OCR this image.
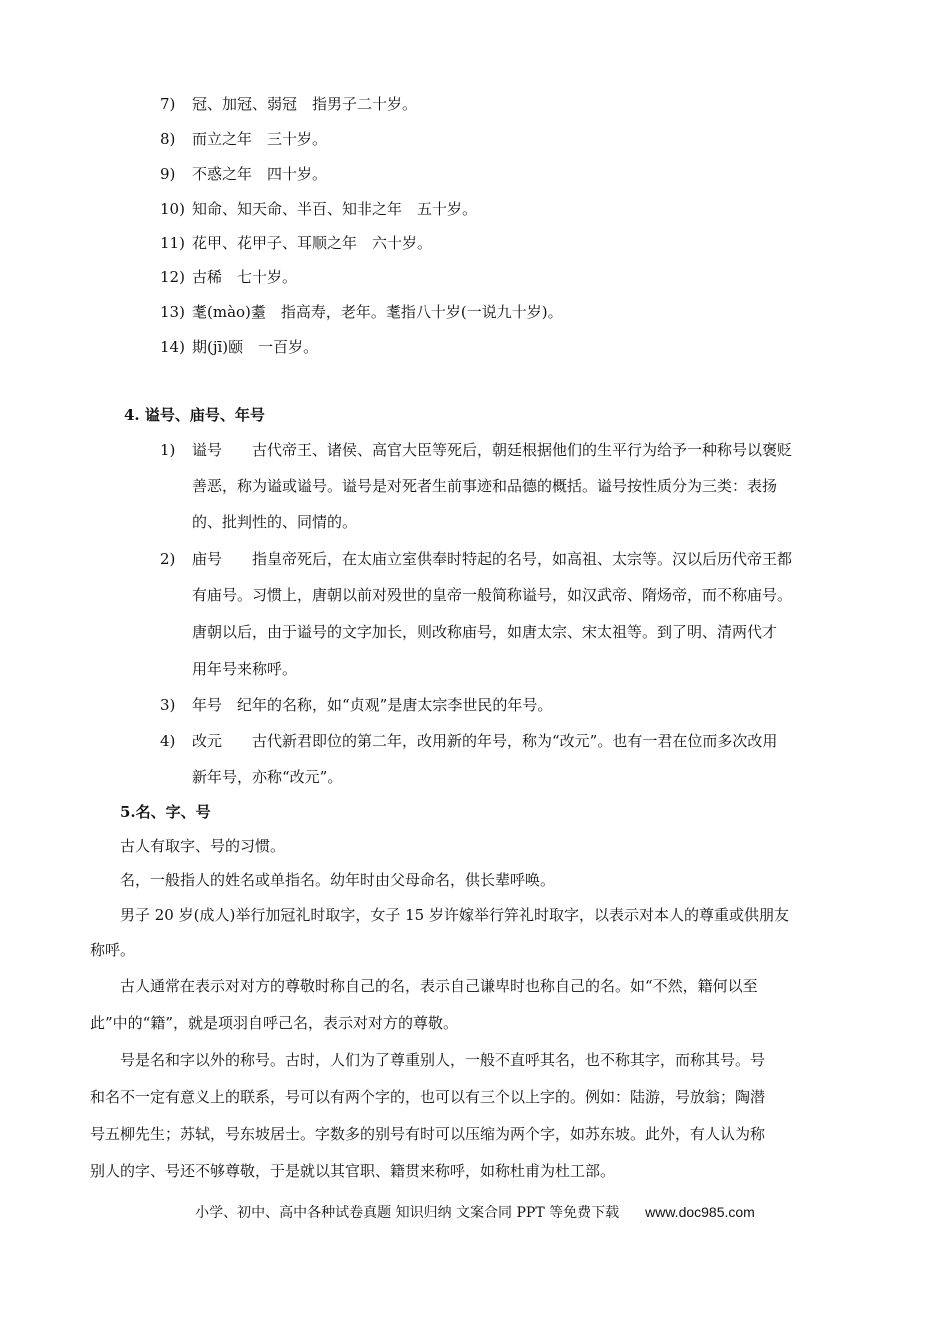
7) 冠、加冠、弱冠　指男子二十岁。
8) 而立之年　三十岁。
9) 不惑之年　四十岁。
10) 知命、知天命、半百、知非之年　五十岁。
11) 花甲、花甲子、耳顺之年　六十岁。
12) 古稀　七十岁。
13) 耄(mào)耋　指高寿，老年。耄指八十岁(一说九十岁)。
14) 期(jī)颐　一百岁。
4. 谥号、庙号、年号
1) 谥号　　古代帝王、诸侯、高官大臣等死后，朝廷根据他们的生平行为给予一种称号以褒贬
善恶，称为谥或谥号。谥号是对死者生前事迹和品德的概括。谥号按性质分为三类：表扬
的、批判性的、同情的。
2) 庙号　　指皇帝死后，在太庙立室供奉时特起的名号，如高祖、太宗等。汉以后历代帝王都
有庙号。习惯上，唐朝以前对殁世的皇帝一般简称谥号，如汉武帝、隋炀帝，而不称庙号。
唐朝以后，由于谥号的文字加长，则改称庙号，如唐太宗、宋太祖等。到了明、清两代才
用年号来称呼。
3) 年号　纪年的名称，如“贞观”是唐太宗李世民的年号。
4) 改元　　古代新君即位的第二年，改用新的年号，称为“改元”。也有一君在位而多次改用
新年号，亦称“改元”。
5.名、字、号
古人有取字、号的习惯。
名，一般指人的姓名或单指名。幼年时由父母命名，供长辈呼唤。
男子 20 岁(成人)举行加冠礼时取字，女子 15 岁许嫁举行笄礼时取字，以表示对本人的尊重或供朋友
称呼。
古人通常在表示对对方的尊敬时称自己的名，表示自己谦卑时也称自己的名。如“不然，籍何以至
此”中的“籍”，就是项羽自呼己名，表示对对方的尊敬。
号是名和字以外的称号。古时，人们为了尊重别人，一般不直呼其名，也不称其字，而称其号。号
和名不一定有意义上的联系，号可以有两个字的，也可以有三个以上字的。例如：陆游，号放翁；陶潜
号五柳先生；苏轼，号东坡居士。字数多的别号有时可以压缩为两个字，如苏东坡。此外，有人认为称
别人的字、号还不够尊敬，于是就以其官职、籍贯来称呼，如称杜甫为杜工部。
小学、初中、高中各种试卷真题 知识归纳 文案合同 PPT 等免费下载 www.doc985.com
